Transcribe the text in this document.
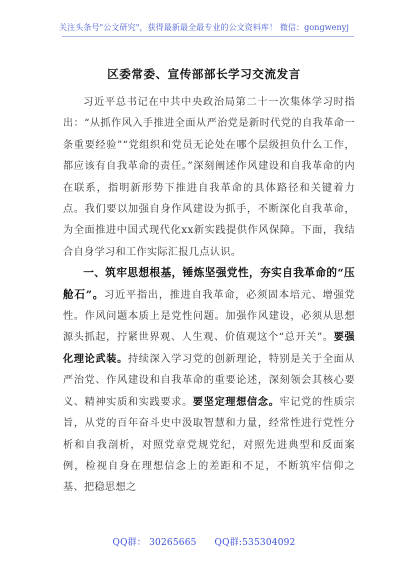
关注头条号"公文研究"，获得最新最全最专业的公文资料库！ 微信：gongwenyj
区委常委、宣传部部长学习交流发言

习近平总书记在中共中央政治局第二十一次集体学习时指出：“从抓作风入手推进全面从严治党是新时代党的自我革命一条重要经验”“党组织和党员无论处在哪个层级担负什么工作，都应该有自我革命的责任。”深刻阐述作风建设和自我革命的内在联系，指明新形势下推进自我革命的具体路径和关键着力点。我们要以加强自身作风建设为抓手，不断深化自我革命，为全面推进中国式现代化xx新实践提供作风保障。下面，我结合自身学习和工作实际汇报几点认识。

一、筑牢思想根基，锤炼坚强党性，夯实自我革命的“压舱石”。习近平指出，推进自我革命，必须固本培元、增强党性。作风问题本质上是党性问题。加强作风建设，必须从思想源头抓起，拧紧世界观、人生观、价值观这个“总开关”。要强化理论武装。持续深入学习党的创新理论，特别是关于全面从严治党、作风建设和自我革命的重要论述，深刻领会其核心要义、精神实质和实践要求。要坚定理想信念。牢记党的性质宗旨，从党的百年奋斗史中汲取智慧和力量，经常性进行党性分析和自我剖析，对照党章党规党纪，对照先进典型和反面案例，检视自身在理想信念上的差距和不足，不断筑牢信仰之基、把稳思想之

QQ群： 30265665 QQ群:535304092
